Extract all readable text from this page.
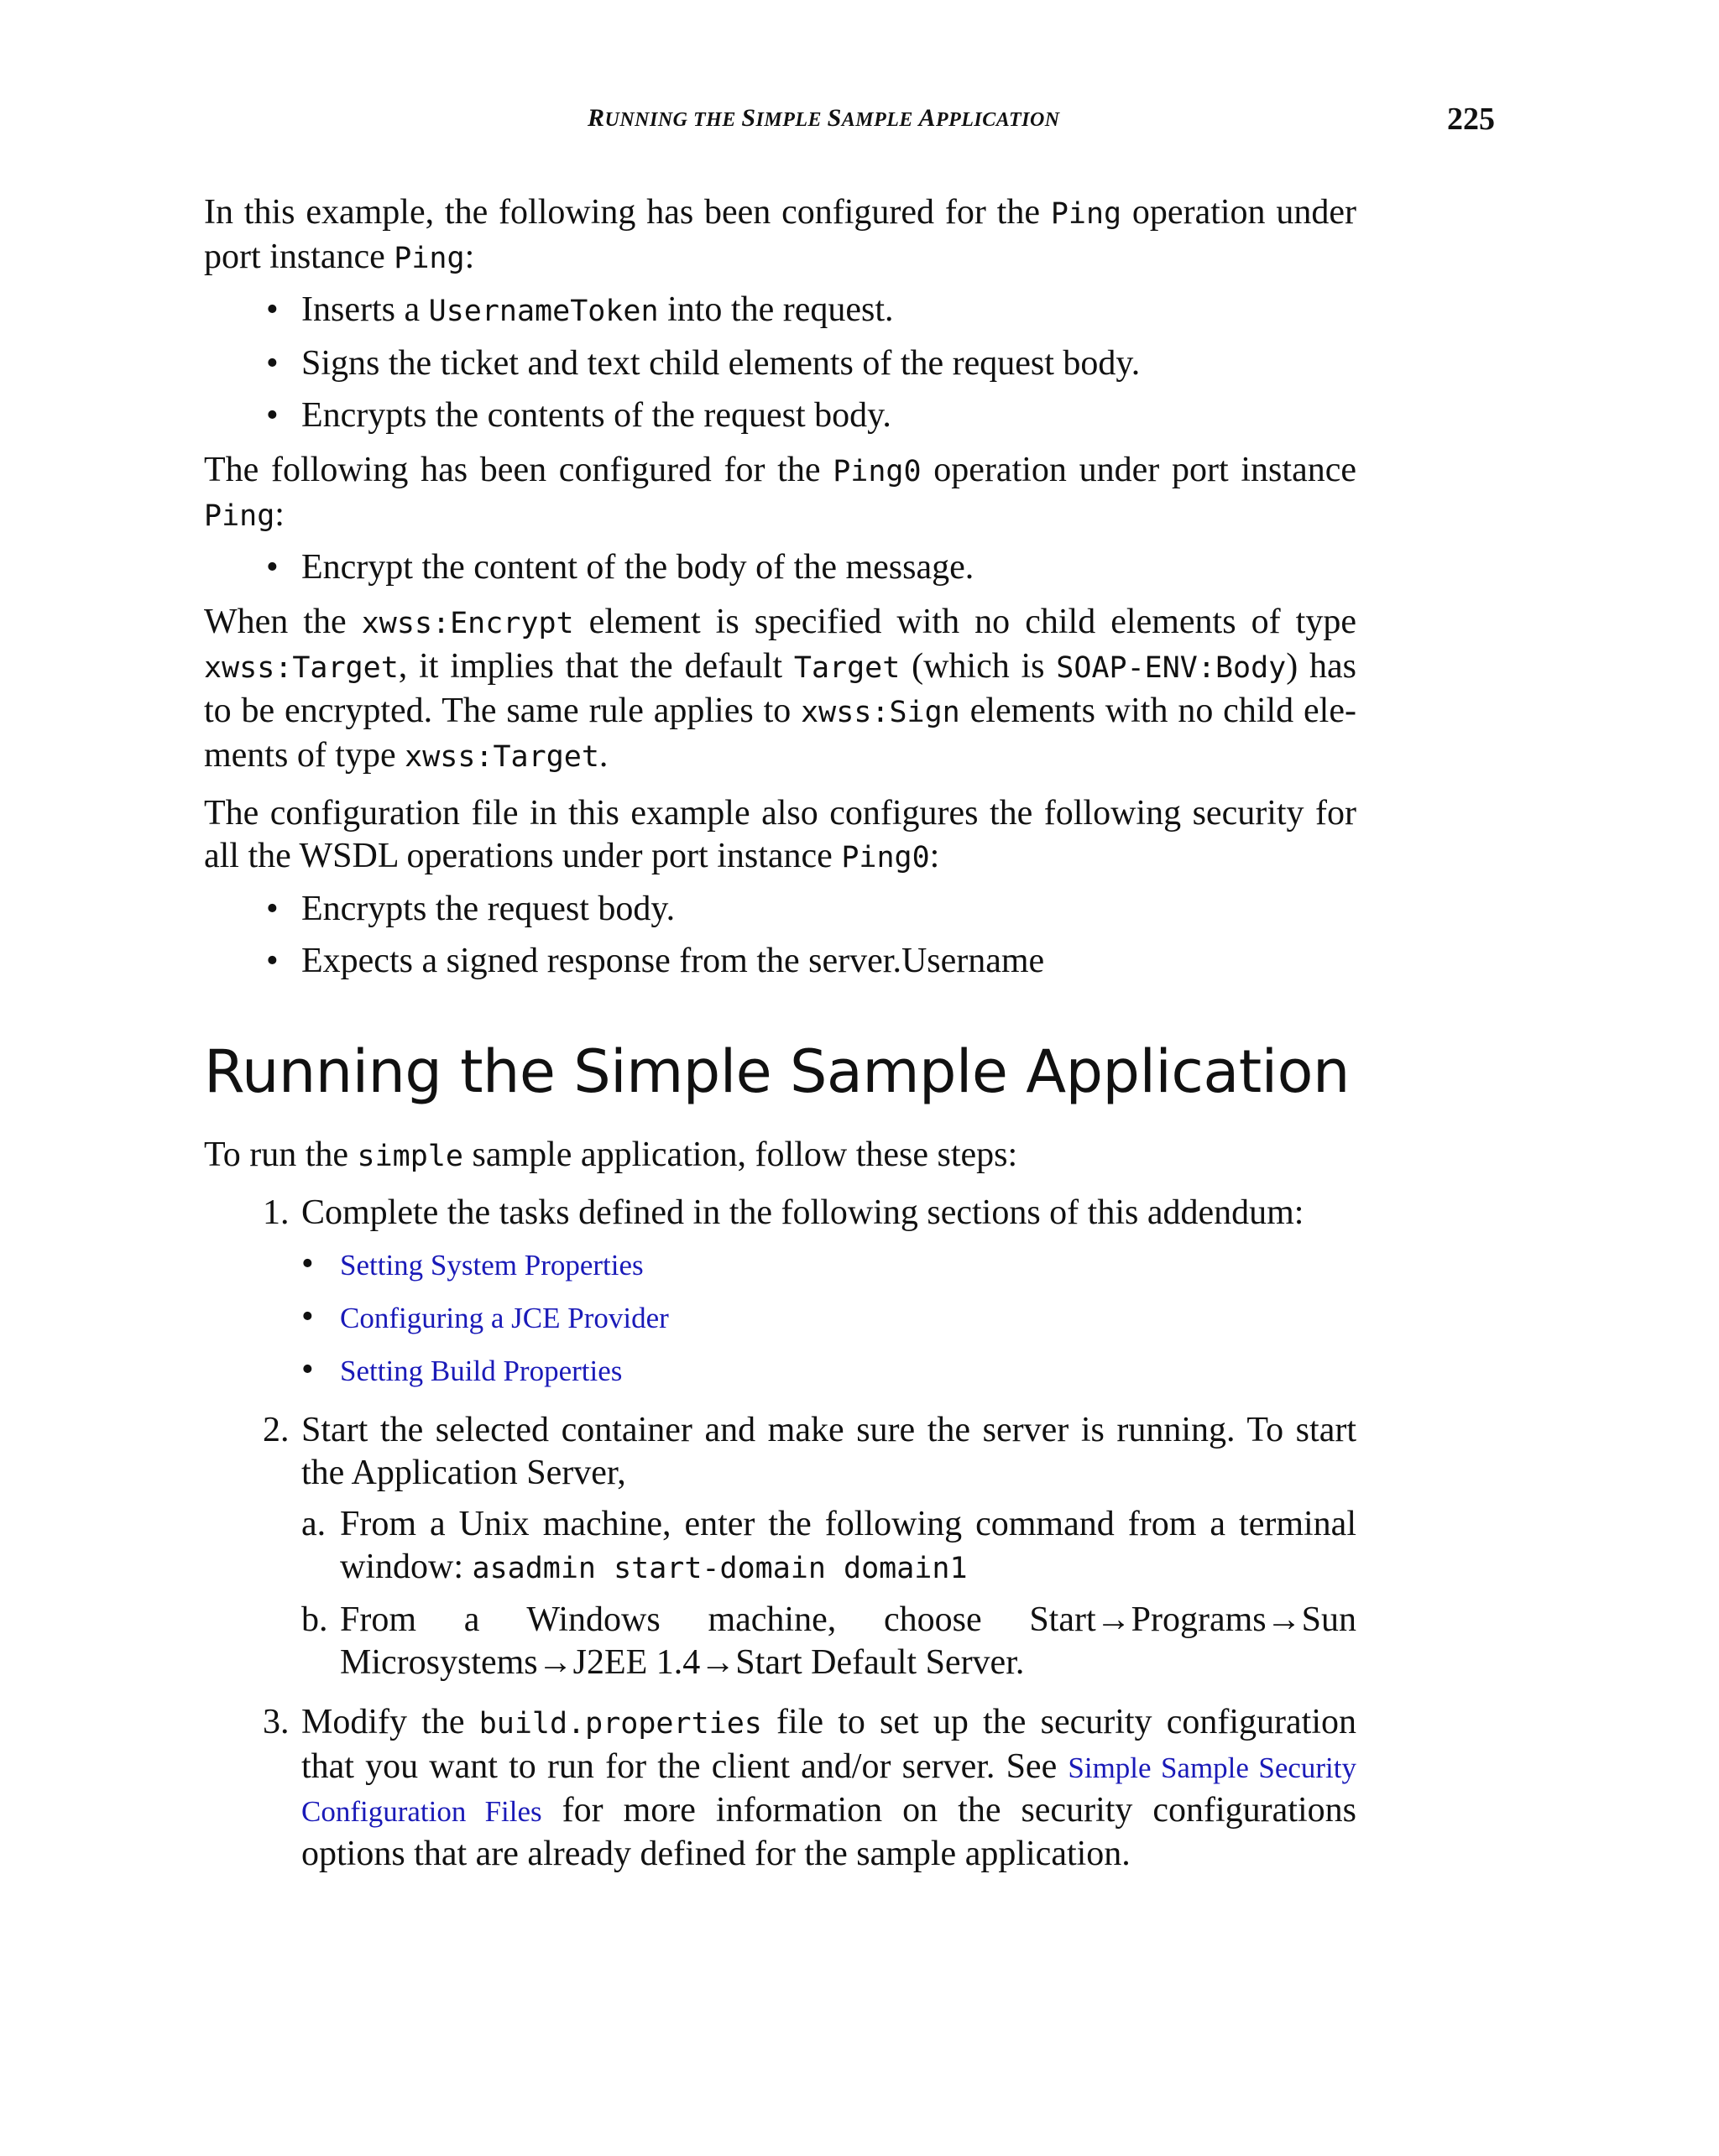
RUNNING THE SIMPLE SAMPLE APPLICATION	225

In this example, the following has been configured for the Ping operation under port instance Ping:

• Inserts a UsernameToken into the request.
• Signs the ticket and text child elements of the request body.
• Encrypts the contents of the request body.

The following has been configured for the Ping0 operation under port instance Ping:

• Encrypt the content of the body of the message.

When the xwss:Encrypt element is specified with no child elements of type xwss:Target, it implies that the default Target (which is SOAP-ENV:Body) has to be encrypted. The same rule applies to xwss:Sign elements with no child elements of type xwss:Target.

The configuration file in this example also configures the following security for all the WSDL operations under port instance Ping0:

• Encrypts the request body.
• Expects a signed response from the server.Username
Running the Simple Sample Application

To run the simple sample application, follow these steps:

1. Complete the tasks defined in the following sections of this addendum:
• Setting System Properties
• Configuring a JCE Provider
• Setting Build Properties
2. Start the selected container and make sure the server is running. To start the Application Server,

a. From a Unix machine, enter the following command from a terminal window: asadmin start-domain domain1

b. From a Windows machine, choose Start→Programs→Sun Microsystems→J2EE 1.4→Start Default Server.

3. Modify the build.properties file to set up the security configuration that you want to run for the client and/or server. See Simple Sample Security Configuration Files for more information on the security configurations options that are already defined for the sample application.
